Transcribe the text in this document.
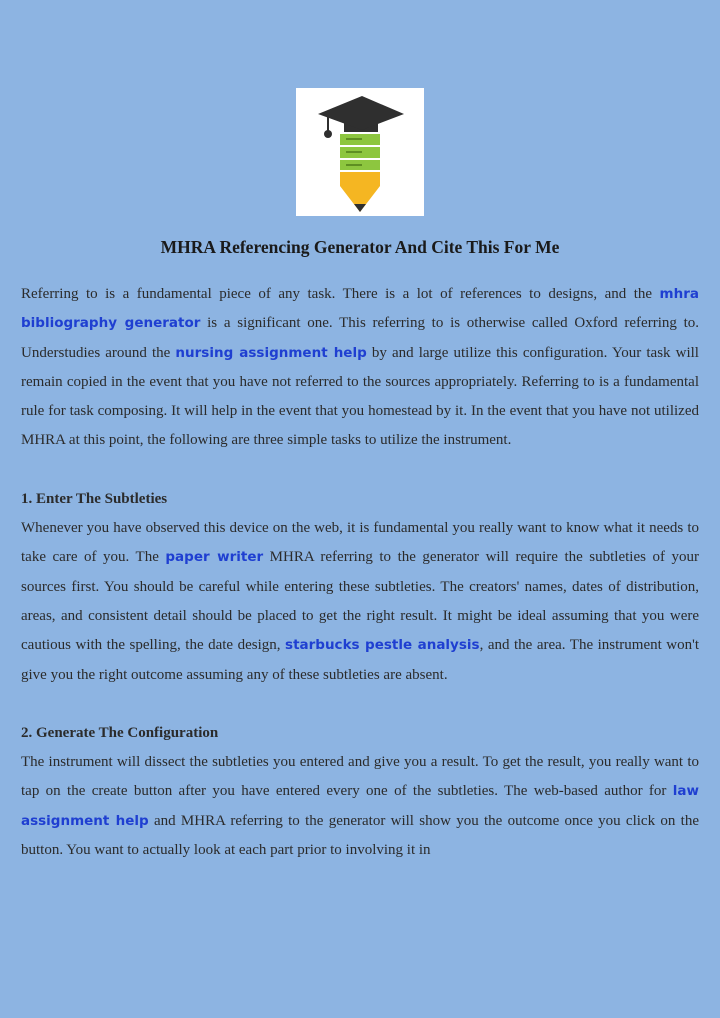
MHRA Referencing Generator And Cite This For Me

Referring to is a fundamental piece of any task. There is a lot of references to designs, and the mhra bibliography generator is a significant one. This referring to is otherwise called Oxford referring to. Understudies around the nursing assignment help by and large utilize this configuration. Your task will remain copied in the event that you have not referred to the sources appropriately. Referring to is a fundamental rule for task composing. It will help in the event that you homestead by it. In the event that you have not utilized MHRA at this point, the following are three simple tasks to utilize the instrument.

1. Enter The Subtleties

Whenever you have observed this device on the web, it is fundamental you really want to know what it needs to take care of you. The paper writer MHRA referring to the generator will require the subtleties of your sources first. You should be careful while entering these subtleties. The creators' names, dates of distribution, areas, and consistent detail should be placed to get the right result. It might be ideal assuming that you were cautious with the spelling, the date design, starbucks pestle analysis, and the area. The instrument won't give you the right outcome assuming any of these subtleties are absent.

2. Generate The Configuration

The instrument will dissect the subtleties you entered and give you a result. To get the result, you really want to tap on the create button after you have entered every one of the subtleties. The web-based author for law assignment help and MHRA referring to the generator will show you the outcome once you click on the button. You want to actually look at each part prior to involving it in
